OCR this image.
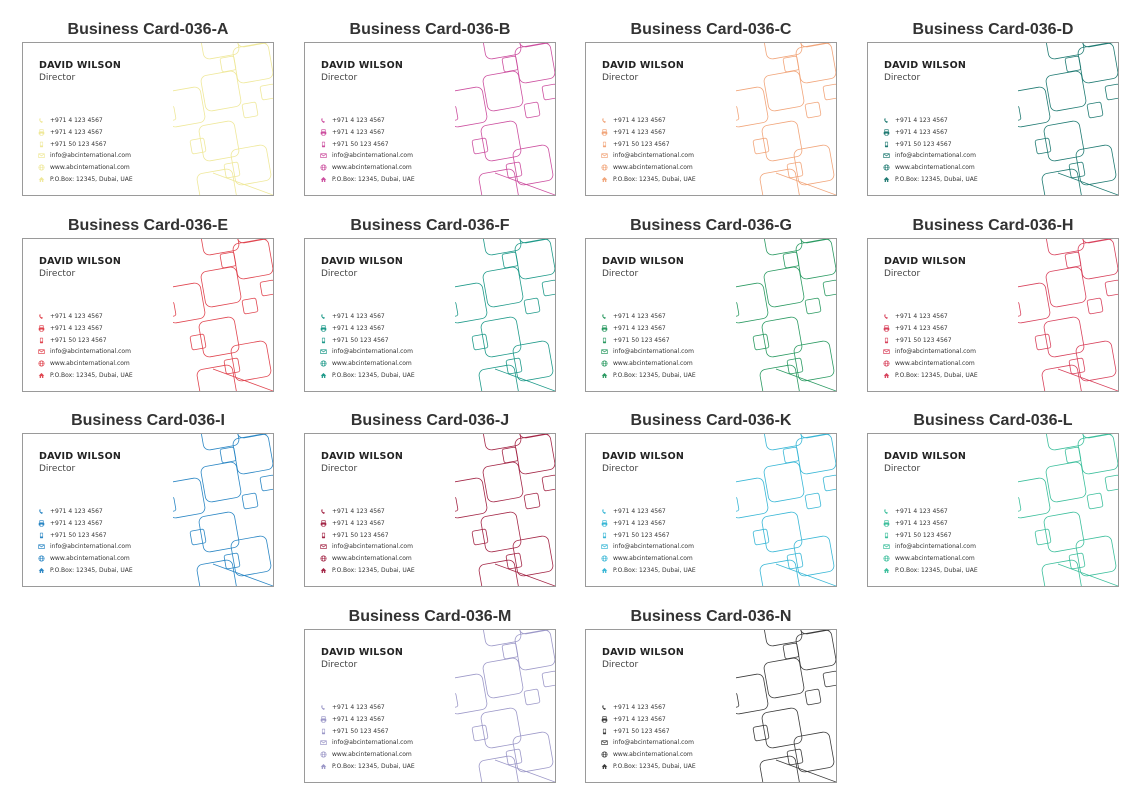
Business Card-036-A
DAVID WILSON
Director
+971 4 123 4567
+971 4 123 4567
+971 50 123 4567
info@abcinternational.com
www.abcinternational.com
P.O.Box: 12345, Dubai, UAE
Business Card-036-B
DAVID WILSON
Director
+971 4 123 4567
+971 4 123 4567
+971 50 123 4567
info@abcinternational.com
www.abcinternational.com
P.O.Box: 12345, Dubai, UAE
Business Card-036-C
DAVID WILSON
Director
+971 4 123 4567
+971 4 123 4567
+971 50 123 4567
info@abcinternational.com
www.abcinternational.com
P.O.Box: 12345, Dubai, UAE
Business Card-036-D
DAVID WILSON
Director
+971 4 123 4567
+971 4 123 4567
+971 50 123 4567
info@abcinternational.com
www.abcinternational.com
P.O.Box: 12345, Dubai, UAE
Business Card-036-E
DAVID WILSON
Director
+971 4 123 4567
+971 4 123 4567
+971 50 123 4567
info@abcinternational.com
www.abcinternational.com
P.O.Box: 12345, Dubai, UAE
Business Card-036-F
DAVID WILSON
Director
+971 4 123 4567
+971 4 123 4567
+971 50 123 4567
info@abcinternational.com
www.abcinternational.com
P.O.Box: 12345, Dubai, UAE
Business Card-036-G
DAVID WILSON
Director
+971 4 123 4567
+971 4 123 4567
+971 50 123 4567
info@abcinternational.com
www.abcinternational.com
P.O.Box: 12345, Dubai, UAE
Business Card-036-H
DAVID WILSON
Director
+971 4 123 4567
+971 4 123 4567
+971 50 123 4567
info@abcinternational.com
www.abcinternational.com
P.O.Box: 12345, Dubai, UAE
Business Card-036-I
DAVID WILSON
Director
+971 4 123 4567
+971 4 123 4567
+971 50 123 4567
info@abcinternational.com
www.abcinternational.com
P.O.Box: 12345, Dubai, UAE
Business Card-036-J
DAVID WILSON
Director
+971 4 123 4567
+971 4 123 4567
+971 50 123 4567
info@abcinternational.com
www.abcinternational.com
P.O.Box: 12345, Dubai, UAE
Business Card-036-K
DAVID WILSON
Director
+971 4 123 4567
+971 4 123 4567
+971 50 123 4567
info@abcinternational.com
www.abcinternational.com
P.O.Box: 12345, Dubai, UAE
Business Card-036-L
DAVID WILSON
Director
+971 4 123 4567
+971 4 123 4567
+971 50 123 4567
info@abcinternational.com
www.abcinternational.com
P.O.Box: 12345, Dubai, UAE
Business Card-036-M
DAVID WILSON
Director
+971 4 123 4567
+971 4 123 4567
+971 50 123 4567
info@abcinternational.com
www.abcinternational.com
P.O.Box: 12345, Dubai, UAE
Business Card-036-N
DAVID WILSON
Director
+971 4 123 4567
+971 4 123 4567
+971 50 123 4567
info@abcinternational.com
www.abcinternational.com
P.O.Box: 12345, Dubai, UAE
